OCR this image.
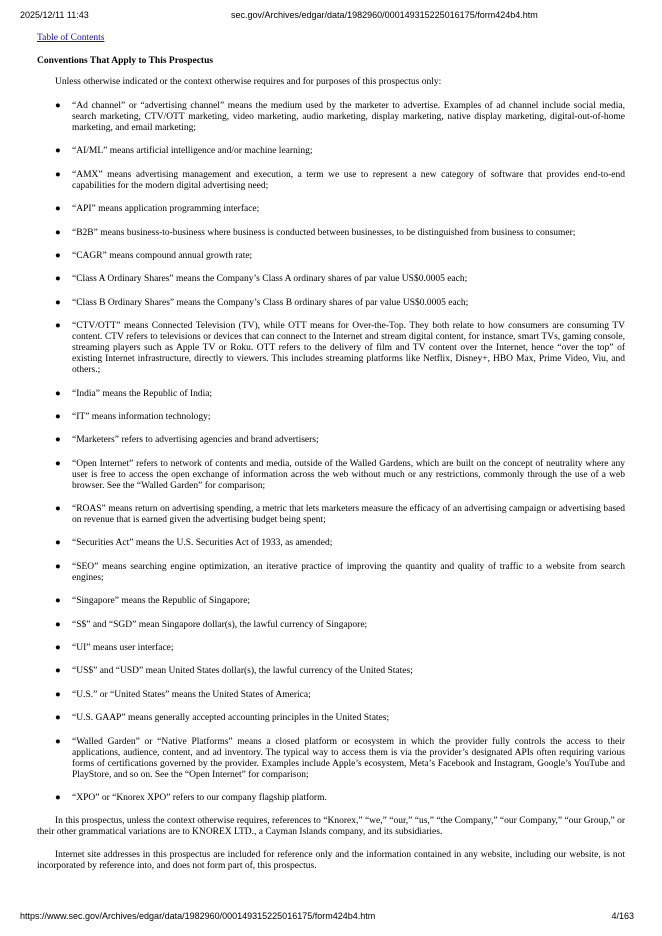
2025/12/11 11:43	sec.gov/Archives/edgar/data/1982960/000149315225016175/form424b4.htm
Table of Contents

Conventions That Apply to This Prospectus

Unless otherwise indicated or the context otherwise requires and for purposes of this prospectus only:

● “Ad channel” or “advertising channel” means the medium used by the marketer to advertise. Examples of ad channel include social media, search marketing, CTV/OTT marketing, video marketing, audio marketing, display marketing, native display marketing, digital-out-of-home marketing, and email marketing;
● “AI/ML” means artificial intelligence and/or machine learning;
● “AMX” means advertising management and execution, a term we use to represent a new category of software that provides end-to-end capabilities for the modern digital advertising need;
● “API” means application programming interface;
● “B2B” means business-to-business where business is conducted between businesses, to be distinguished from business to consumer;
● “CAGR” means compound annual growth rate;
● “Class A Ordinary Shares” means the Company’s Class A ordinary shares of par value US$0.0005 each;
● “Class B Ordinary Shares” means the Company’s Class B ordinary shares of par value US$0.0005 each;
● “CTV/OTT” means Connected Television (TV), while OTT means for Over-the-Top. They both relate to how consumers are consuming TV content. CTV refers to televisions or devices that can connect to the Internet and stream digital content, for instance, smart TVs, gaming console, streaming players such as Apple TV or Roku. OTT refers to the delivery of film and TV content over the Internet, hence “over the top” of existing Internet infrastructure, directly to viewers. This includes streaming platforms like Netflix, Disney+, HBO Max, Prime Video, Viu, and others.;
● “India” means the Republic of India;
● “IT” means information technology;
● “Marketers” refers to advertising agencies and brand advertisers;
● “Open Internet” refers to network of contents and media, outside of the Walled Gardens, which are built on the concept of neutrality where any user is free to access the open exchange of information across the web without much or any restrictions, commonly through the use of a web browser. See the “Walled Garden” for comparison;
● “ROAS” means return on advertising spending, a metric that lets marketers measure the efficacy of an advertising campaign or advertising based on revenue that is earned given the advertising budget being spent;
● “Securities Act” means the U.S. Securities Act of 1933, as amended;
● “SEO” means searching engine optimization, an iterative practice of improving the quantity and quality of traffic to a website from search engines;
● “Singapore” means the Republic of Singapore;
● “S$” and “SGD” mean Singapore dollar(s), the lawful currency of Singapore;
● “UI” means user interface;
● “US$” and “USD” mean United States dollar(s), the lawful currency of the United States;
● “U.S.” or “United States” means the United States of America;
● “U.S. GAAP” means generally accepted accounting principles in the United States;
● “Walled Garden” or “Native Platforms” means a closed platform or ecosystem in which the provider fully controls the access to their applications, audience, content, and ad inventory. The typical way to access them is via the provider’s designated APIs often requiring various forms of certifications governed by the provider. Examples include Apple’s ecosystem, Meta’s Facebook and Instagram, Google’s YouTube and PlayStore, and so on. See the “Open Internet” for comparison;
● “XPO” or “Knorex XPO” refers to our company flagship platform.

In this prospectus, unless the context otherwise requires, references to “Knorex,” “we,” “our,” “us,” “the Company,” “our Company,” “our Group,” or their other grammatical variations are to KNOREX LTD., a Cayman Islands company, and its subsidiaries.

Internet site addresses in this prospectus are included for reference only and the information contained in any website, including our website, is not incorporated by reference into, and does not form part of, this prospectus.

https://www.sec.gov/Archives/edgar/data/1982960/000149315225016175/form424b4.htm	4/163
